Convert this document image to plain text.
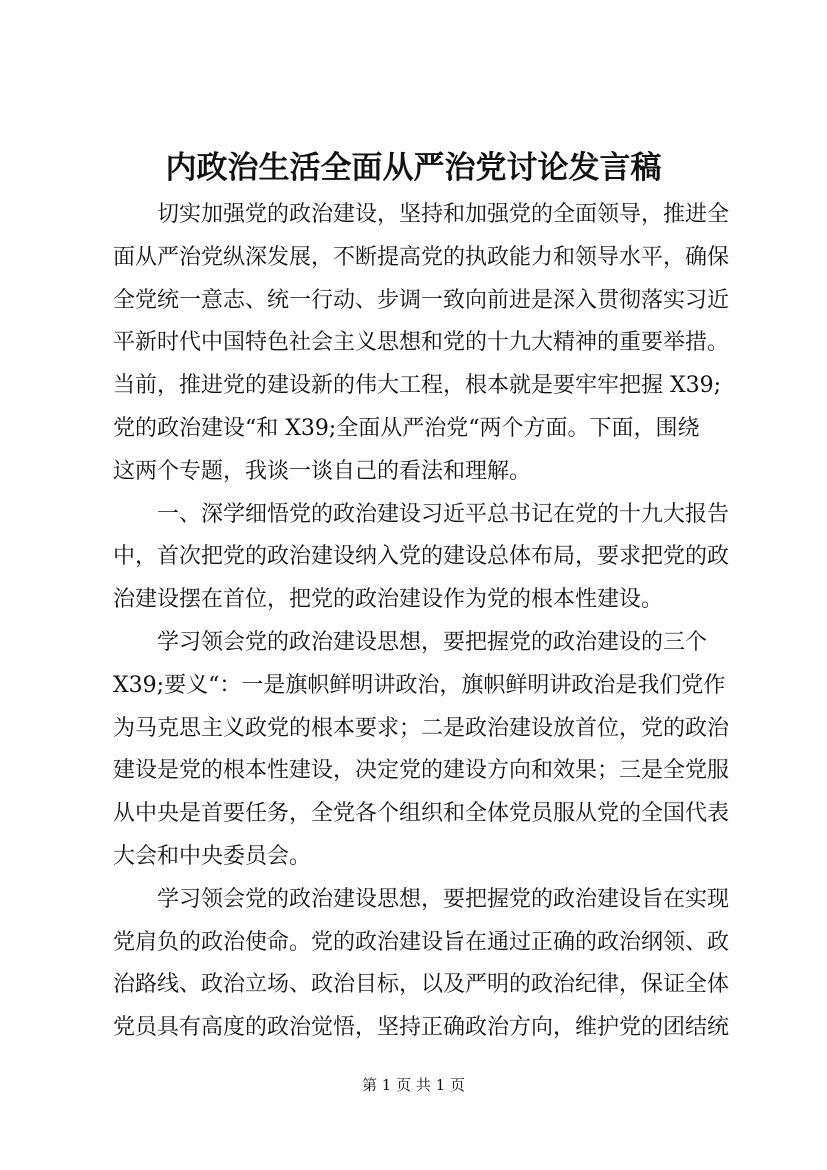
内政治生活全面从严治党讨论发言稿
切实加强党的政治建设，坚持和加强党的全面领导，推进全
面从严治党纵深发展，不断提高党的执政能力和领导水平，确保
全党统一意志、统一行动、步调一致向前进是深入贯彻落实习近
平新时代中国特色社会主义思想和党的十九大精神的重要举措。
当前，推进党的建设新的伟大工程，根本就是要牢牢把握 X39;
党的政治建设“和 X39;全面从严治党“两个方面。下面，围绕
这两个专题，我谈一谈自己的看法和理解。
一、深学细悟党的政治建设习近平总书记在党的十九大报告
中，首次把党的政治建设纳入党的建设总体布局，要求把党的政
治建设摆在首位，把党的政治建设作为党的根本性建设。
学习领会党的政治建设思想，要把握党的政治建设的三个
X39;要义“：一是旗帜鲜明讲政治，旗帜鲜明讲政治是我们党作
为马克思主义政党的根本要求；二是政治建设放首位，党的政治
建设是党的根本性建设，决定党的建设方向和效果；三是全党服
从中央是首要任务，全党各个组织和全体党员服从党的全国代表
大会和中央委员会。
学习领会党的政治建设思想，要把握党的政治建设旨在实现
党肩负的政治使命。党的政治建设旨在通过正确的政治纲领、政
治路线、政治立场、政治目标，以及严明的政治纪律，保证全体
党员具有高度的政治觉悟，坚持正确政治方向，维护党的团结统
第 1 页 共 1 页
